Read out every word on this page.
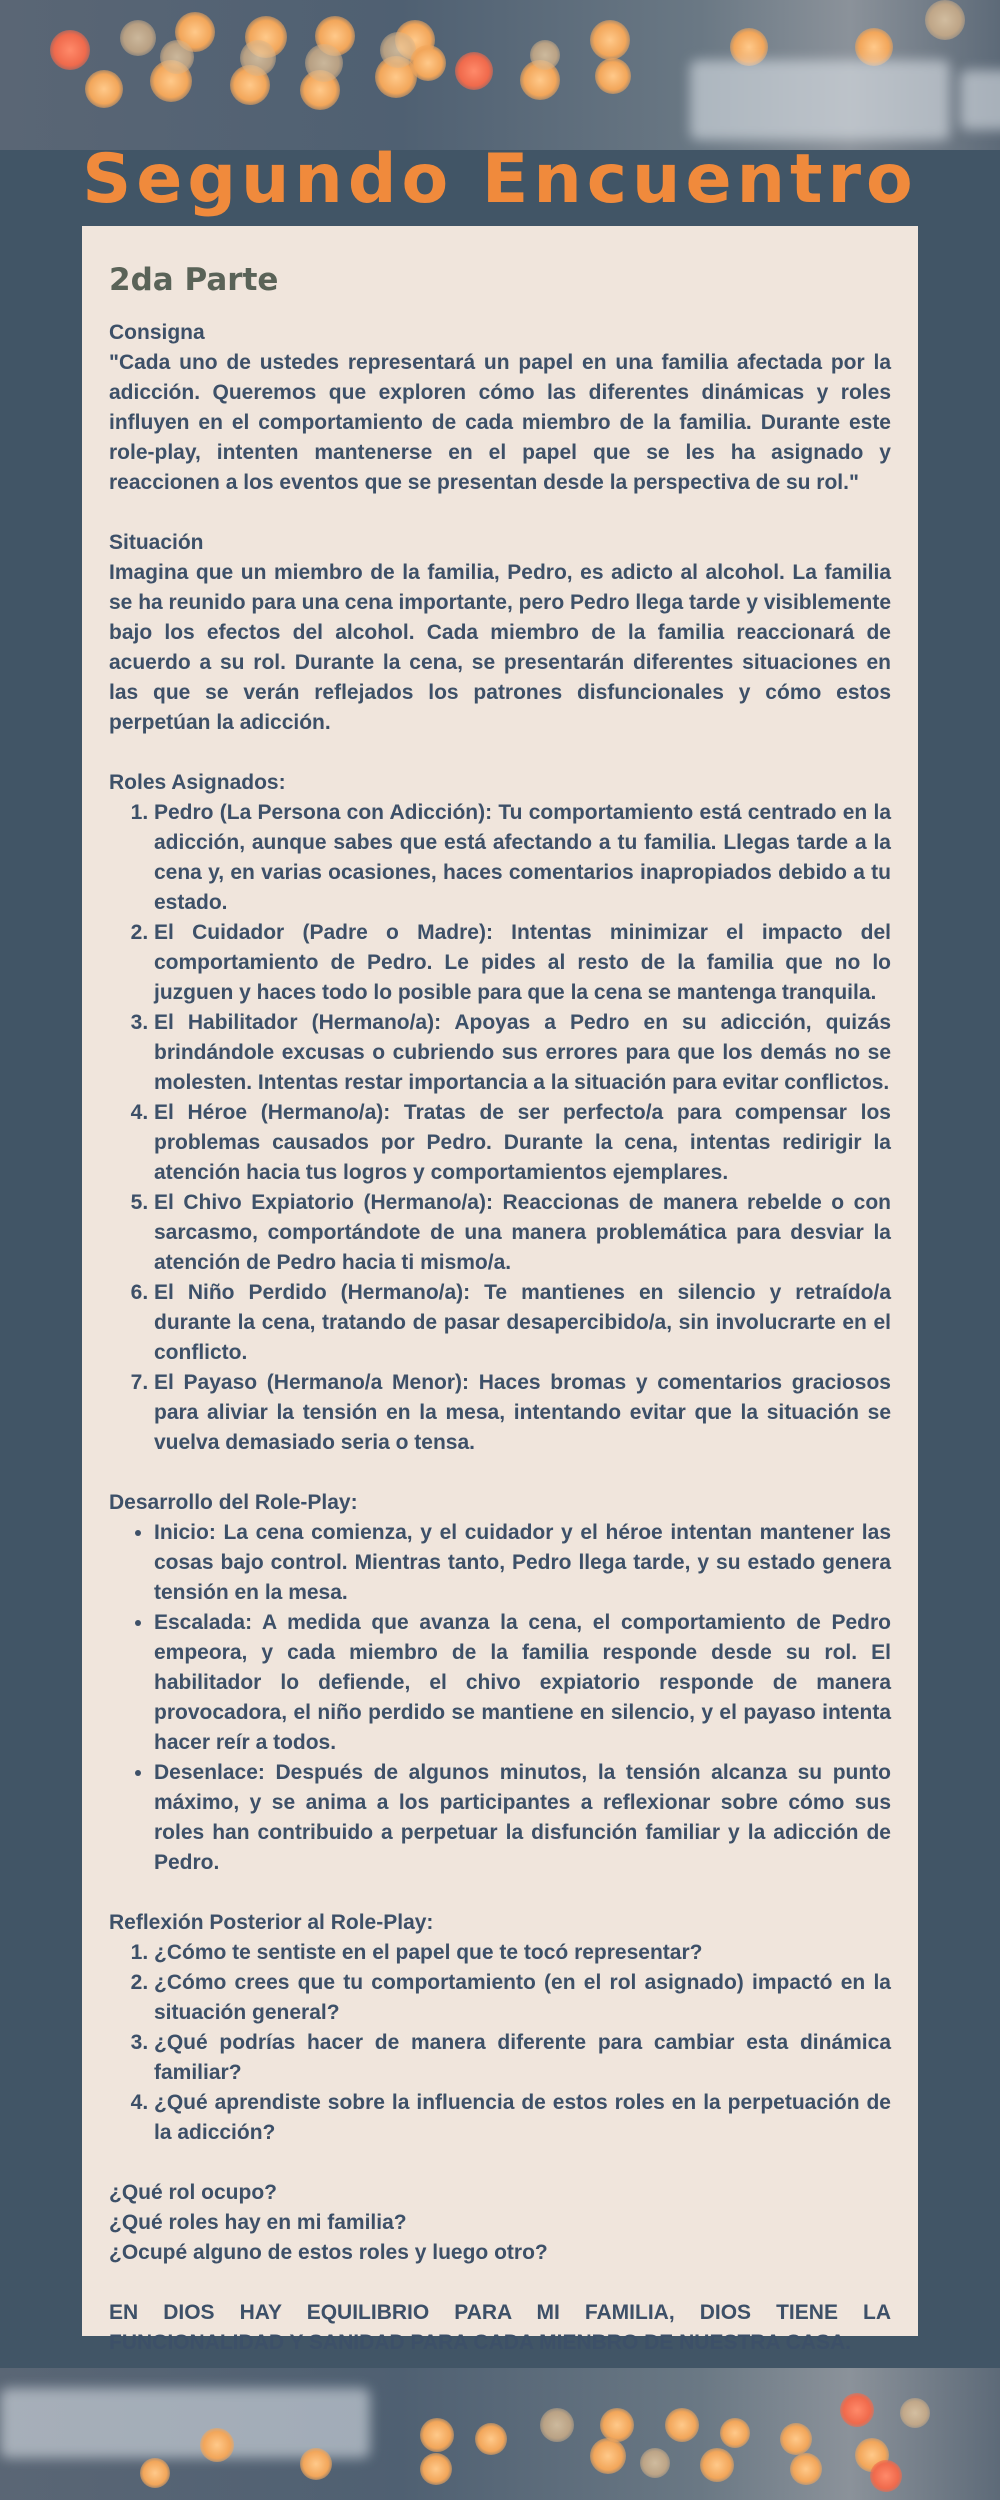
Segundo Encuentro
2da Parte

Consigna

"Cada uno de ustedes representará un papel en una familia afectada por la adicción. Queremos que exploren cómo las diferentes dinámicas y roles influyen en el comportamiento de cada miembro de la familia. Durante este role-play, intenten mantenerse en el papel que se les ha asignado y reaccionen a los eventos que se presentan desde la perspectiva de su rol."

Situación

Imagina que un miembro de la familia, Pedro, es adicto al alcohol. La familia se ha reunido para una cena importante, pero Pedro llega tarde y visiblemente bajo los efectos del alcohol. Cada miembro de la familia reaccionará de acuerdo a su rol. Durante la cena, se presentarán diferentes situaciones en las que se verán reflejados los patrones disfuncionales y cómo estos perpetúan la adicción.

Roles Asignados:

1. Pedro (La Persona con Adicción): Tu comportamiento está centrado en la adicción, aunque sabes que está afectando a tu familia. Llegas tarde a la cena y, en varias ocasiones, haces comentarios inapropiados debido a tu estado.
2. El Cuidador (Padre o Madre): Intentas minimizar el impacto del comportamiento de Pedro. Le pides al resto de la familia que no lo juzguen y haces todo lo posible para que la cena se mantenga tranquila.
3. El Habilitador (Hermano/a): Apoyas a Pedro en su adicción, quizás brindándole excusas o cubriendo sus errores para que los demás no se molesten. Intentas restar importancia a la situación para evitar conflictos.
4. El Héroe (Hermano/a): Tratas de ser perfecto/a para compensar los problemas causados por Pedro. Durante la cena, intentas redirigir la atención hacia tus logros y comportamientos ejemplares.
5. El Chivo Expiatorio (Hermano/a): Reaccionas de manera rebelde o con sarcasmo, comportándote de una manera problemática para desviar la atención de Pedro hacia ti mismo/a.
6. El Niño Perdido (Hermano/a): Te mantienes en silencio y retraído/a durante la cena, tratando de pasar desapercibido/a, sin involucrarte en el conflicto.
7. El Payaso (Hermano/a Menor): Haces bromas y comentarios graciosos para aliviar la tensión en la mesa, intentando evitar que la situación se vuelva demasiado seria o tensa.

Desarrollo del Role-Play:

• Inicio: La cena comienza, y el cuidador y el héroe intentan mantener las cosas bajo control. Mientras tanto, Pedro llega tarde, y su estado genera tensión en la mesa.
• Escalada: A medida que avanza la cena, el comportamiento de Pedro empeora, y cada miembro de la familia responde desde su rol. El habilitador lo defiende, el chivo expiatorio responde de manera provocadora, el niño perdido se mantiene en silencio, y el payaso intenta hacer reír a todos.
• Desenlace: Después de algunos minutos, la tensión alcanza su punto máximo, y se anima a los participantes a reflexionar sobre cómo sus roles han contribuido a perpetuar la disfunción familiar y la adicción de Pedro.

Reflexión Posterior al Role-Play:

1. ¿Cómo te sentiste en el papel que te tocó representar?
2. ¿Cómo crees que tu comportamiento (en el rol asignado) impactó en la situación general?
3. ¿Qué podrías hacer de manera diferente para cambiar esta dinámica familiar?
4. ¿Qué aprendiste sobre la influencia de estos roles en la perpetuación de la adicción?

¿Qué rol ocupo?

¿Qué roles hay en mi familia?

¿Ocupé alguno de estos roles y luego otro?

EN DIOS HAY EQUILIBRIO PARA MI FAMILIA, DIOS TIENE LA FUNCIONALIDAD Y SANIDAD PARA CADA MIENBRO DE NUESTRA CASA.
